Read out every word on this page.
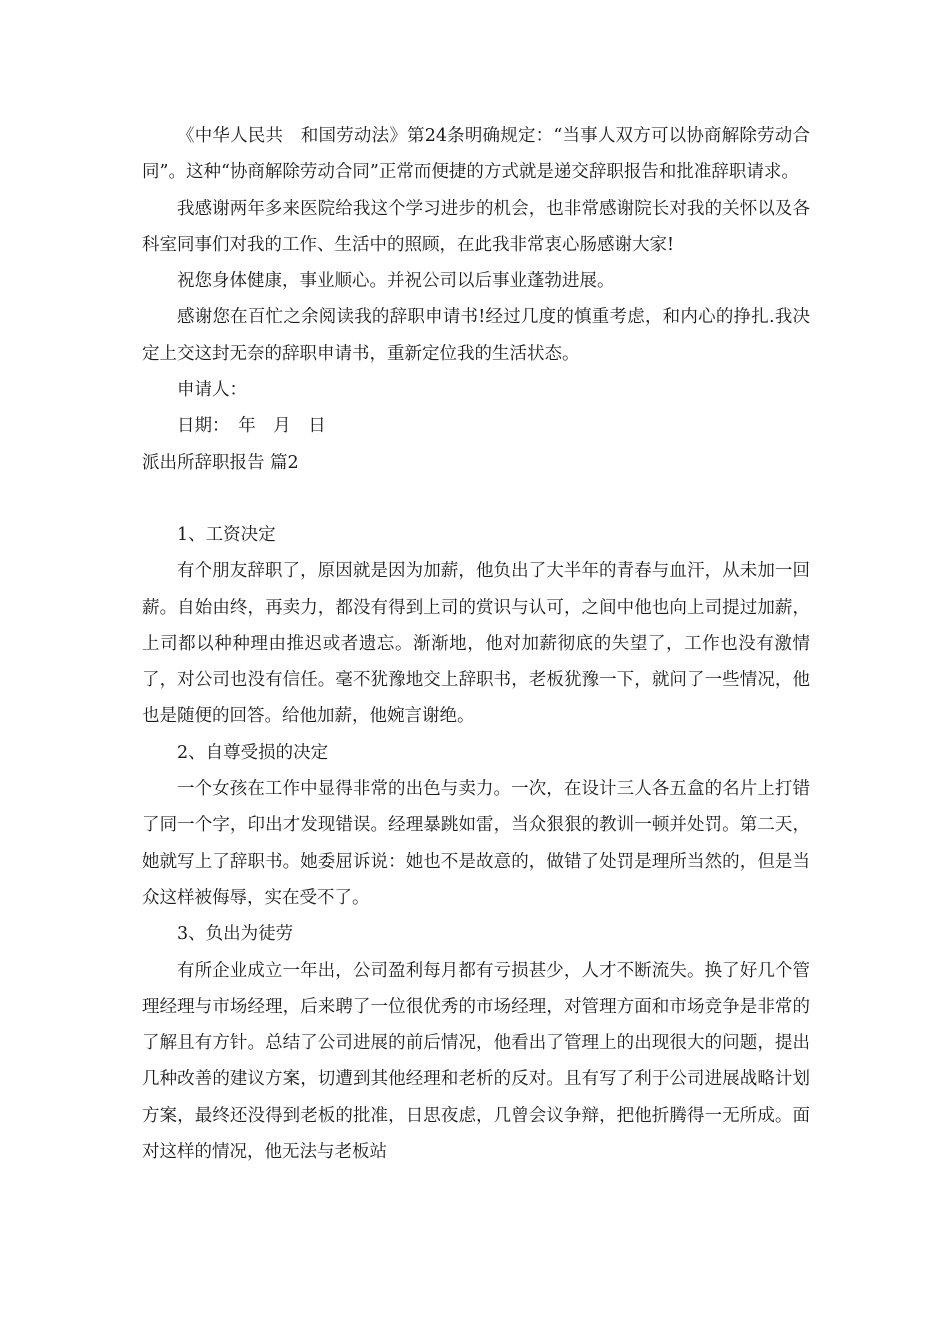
《中华人民共　和国劳动法》第24条明确规定：“当事人双方可以协商解除劳动合同”。这种“协商解除劳动合同”正常而便捷的方式就是递交辞职报告和批准辞职请求。

我感谢两年多来医院给我这个学习进步的机会，也非常感谢院长对我的关怀以及各科室同事们对我的工作、生活中的照顾，在此我非常衷心肠感谢大家!

祝您身体健康，事业顺心。并祝公司以后事业蓬勃进展。

感谢您在百忙之余阅读我的辞职申请书!经过几度的慎重考虑，和内心的挣扎.我决定上交这封无奈的辞职申请书，重新定位我的生活状态。

申请人：

日期：　年　月　日

派出所辞职报告 篇2

1、工资决定

有个朋友辞职了，原因就是因为加薪，他负出了大半年的青春与血汗，从未加一回薪。自始由终，再卖力，都没有得到上司的赏识与认可，之间中他也向上司提过加薪，上司都以种种理由推迟或者遗忘。渐渐地，他对加薪彻底的失望了，工作也没有激情了，对公司也没有信任。毫不犹豫地交上辞职书，老板犹豫一下，就问了一些情况，他也是随便的回答。给他加薪，他婉言谢绝。

2、自尊受损的决定

一个女孩在工作中显得非常的出色与卖力。一次，在设计三人各五盒的名片上打错了同一个字，印出才发现错误。经理暴跳如雷，当众狠狠的教训一顿并处罚。第二天，她就写上了辞职书。她委屈诉说：她也不是故意的，做错了处罚是理所当然的，但是当众这样被侮辱，实在受不了。

3、负出为徒劳

有所企业成立一年出，公司盈利每月都有亏损甚少，人才不断流失。换了好几个管理经理与市场经理，后来聘了一位很优秀的市场经理，对管理方面和市场竞争是非常的了解且有方针。总结了公司进展的前后情况，他看出了管理上的出现很大的问题，提出几种改善的建议方案，切遭到其他经理和老析的反对。且有写了利于公司进展战略计划方案，最终还没得到老板的批准，日思夜虑，几曾会议争辩，把他折腾得一无所成。面对这样的情况，他无法与老板站
